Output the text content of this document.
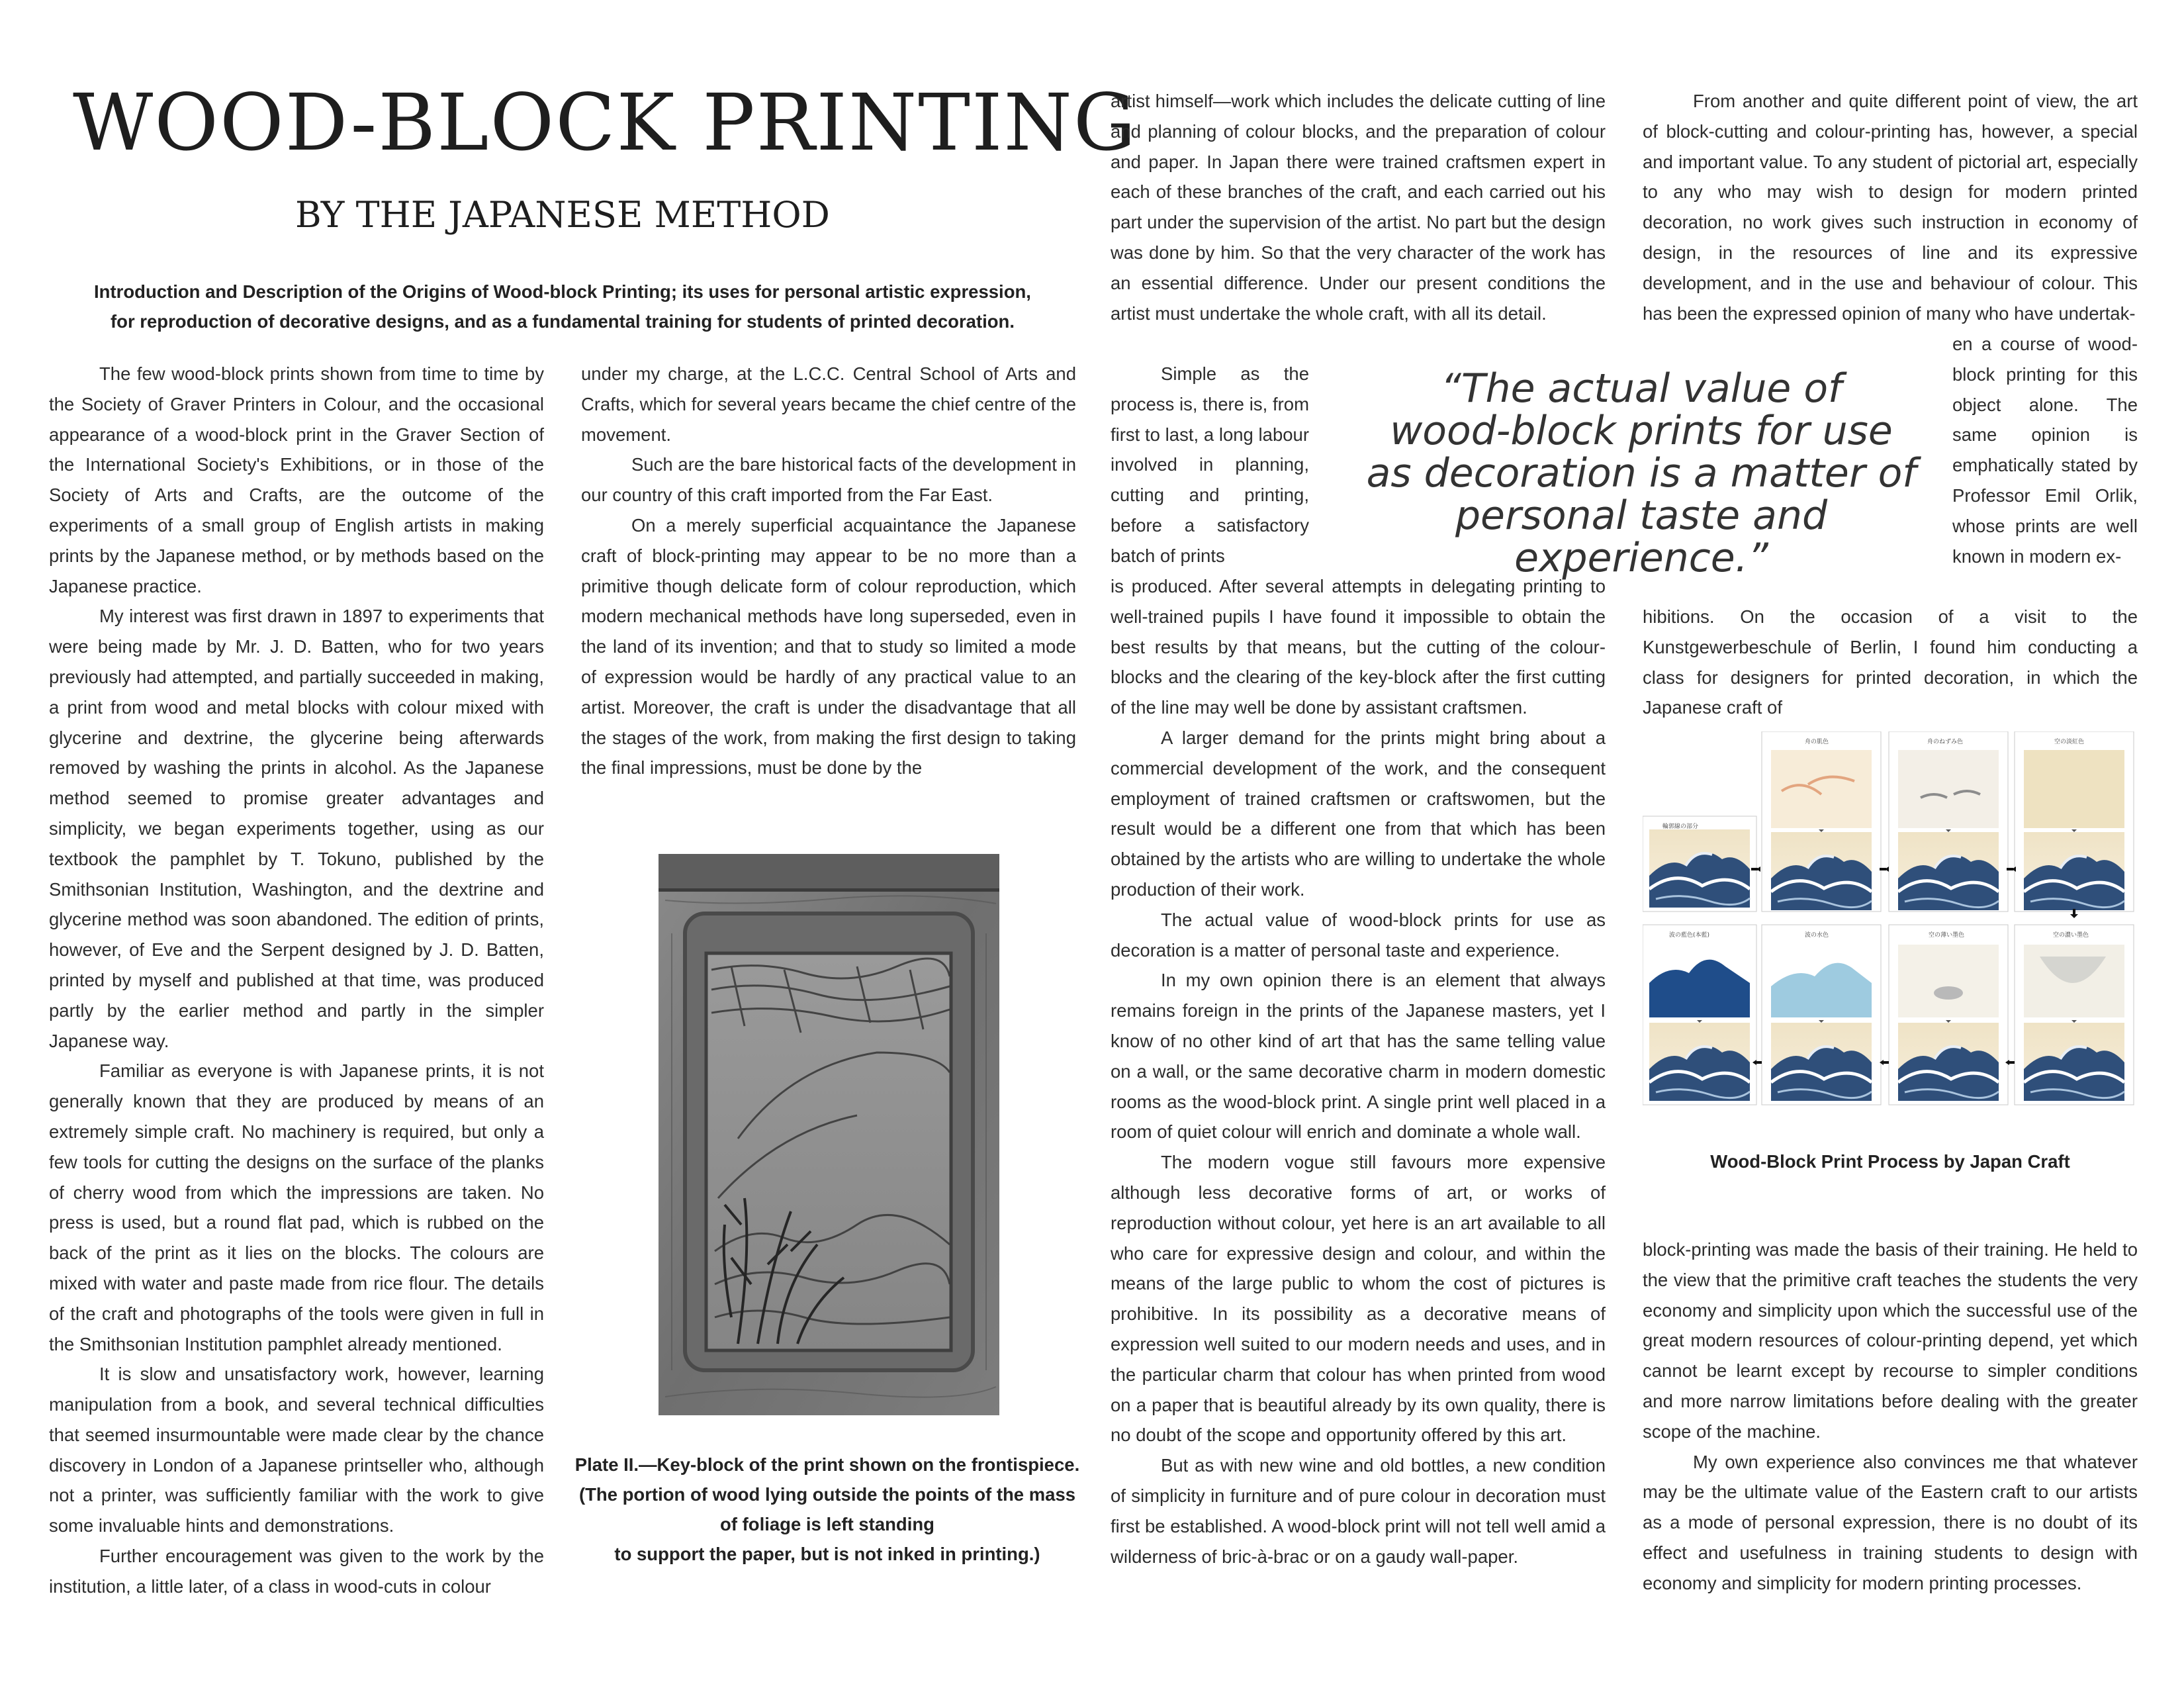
WOOD-BLOCK PRINTING
BY THE JAPANESE METHOD
Introduction and Description of the Origins of Wood-block Printing; its uses for personal artistic expression,
for reproduction of decorative designs, and as a fundamental training for students of printed decoration.

The few wood-block prints shown from time to time by the Society of Graver Printers in Colour, and the occasional appearance of a wood-block print in the Graver Section of the International Society's Exhibitions, or in those of the Society of Arts and Crafts, are the outcome of the experiments of a small group of English artists in making prints by the Japanese method, or by methods based on the Japanese practice.

My interest was first drawn in 1897 to experiments that were being made by Mr. J. D. Batten, who for two years previously had attempted, and partially succeeded in making, a print from wood and metal blocks with colour mixed with glycerine and dextrine, the glycerine being afterwards removed by washing the prints in alcohol. As the Japanese method seemed to promise greater advantages and simplicity, we began experiments together, using as our textbook the pamphlet by T. Tokuno, published by the Smithsonian Institution, Washington, and the dextrine and glycerine method was soon abandoned. The edition of prints, however, of Eve and the Serpent designed by J. D. Batten, printed by myself and published at that time, was produced partly by the earlier method and partly in the simpler Japanese way.

Familiar as everyone is with Japanese prints, it is not generally known that they are produced by means of an extremely simple craft. No machinery is required, but only a few tools for cutting the designs on the surface of the planks of cherry wood from which the impressions are taken. No press is used, but a round flat pad, which is rubbed on the back of the print as it lies on the blocks. The colours are mixed with water and paste made from rice flour. The details of the craft and photographs of the tools were given in full in the Smithsonian Institution pamphlet already mentioned.

It is slow and unsatisfactory work, however, learning manipulation from a book, and several technical difficulties that seemed insurmountable were made clear by the chance discovery in London of a Japanese printseller who, although not a printer, was sufficiently familiar with the work to give some invaluable hints and demonstrations.

Further encouragement was given to the work by the institution, a little later, of a class in wood-cuts in colour

under my charge, at the L.C.C. Central School of Arts and Crafts, which for several years became the chief centre of the movement.

Such are the bare historical facts of the development in our country of this craft imported from the Far East.

On a merely superficial acquaintance the Japanese craft of block-printing may appear to be no more than a primitive though delicate form of colour reproduction, which modern mechanical methods have long superseded, even in the land of its invention; and that to study so limited a mode of expression would be hardly of any practical value to an artist. Moreover, the craft is under the disadvantage that all the stages of the work, from making the first design to taking the final impressions, must be done by the

Plate II.—Key-block of the print shown on the frontispiece.
(The portion of wood lying outside the points of the mass
of foliage is left standing
to support the paper, but is not inked in printing.)

artist himself—work which includes the delicate cutting of line and planning of colour blocks, and the preparation of colour and paper. In Japan there were trained craftsmen expert in each of these branches of the craft, and each carried out his part under the supervision of the artist. No part but the design was done by him. So that the very character of the work has an essential difference. Under our present conditions the artist must undertake the whole craft, with all its detail.

Simple as the process is, there is, from first to last, a long labour involved in planning, cutting and printing, before a satisfactory batch of prints

“The actual value of
wood-block prints for use
as decoration is a matter of
personal taste and experience.”

is produced. After several attempts in delegating printing to well-trained pupils I have found it impossible to obtain the best results by that means, but the cutting of the colour-blocks and the clearing of the key-block after the first cutting of the line may well be done by assistant craftsmen.

A larger demand for the prints might bring about a commercial development of the work, and the consequent employment of trained craftsmen or craftswomen, but the result would be a different one from that which has been obtained by the artists who are willing to undertake the whole production of their work.

The actual value of wood-block prints for use as decoration is a matter of personal taste and experience.

In my own opinion there is an element that always remains foreign in the prints of the Japanese masters, yet I know of no other kind of art that has the same telling value on a wall, or the same decorative charm in modern domestic rooms as the wood-block print. A single print well placed in a room of quiet colour will enrich and dominate a whole wall.

The modern vogue still favours more expensive although less decorative forms of art, or works of reproduction without colour, yet here is an art available to all who care for expressive design and colour, and within the means of the large public to whom the cost of pictures is prohibitive. In its possibility as a decorative means of expression well suited to our modern needs and uses, and in the particular charm that colour has when printed from wood on a paper that is beautiful already by its own quality, there is no doubt of the scope and opportunity offered by this art.

But as with new wine and old bottles, a new condition of simplicity in furniture and of pure colour in decoration must first be established. A wood-block print will not tell well amid a wilderness of bric-à-brac or on a gaudy wall-paper.

From another and quite different point of view, the art of block-cutting and colour-printing has, however, a special and important value. To any student of pictorial art, especially to any who may wish to design for modern printed decoration, no work gives such instruction in economy of design, in the resources of line and its expressive development, and in the use and behaviour of colour. This has been the expressed opinion of many who have undertak-

en a course of wood-block printing for this object alone. The same opinion is emphatically stated by Professor Emil Orlik, whose prints are well known in modern ex-

hibitions. On the occasion of a visit to the Kunstgewerbeschule of Berlin, I found him conducting a class for designers for printed decoration, in which the Japanese craft of

輪郭線の部分
舟の肌色	舟のねずみ色	空の淡紅色
空の濃い墨色
空の薄い墨色
波の水色
波の藍色(本藍)
Wood-Block Print Process by Japan Craft

block-printing was made the basis of their training. He held to the view that the primitive craft teaches the students the very economy and simplicity upon which the successful use of the great modern resources of colour-printing depend, yet which cannot be learnt except by recourse to simpler conditions and more narrow limitations before dealing with the greater scope of the machine.

My own experience also convinces me that whatever may be the ultimate value of the Eastern craft to our artists as a mode of personal expression, there is no doubt of its effect and usefulness in training students to design with economy and simplicity for modern printing processes.
